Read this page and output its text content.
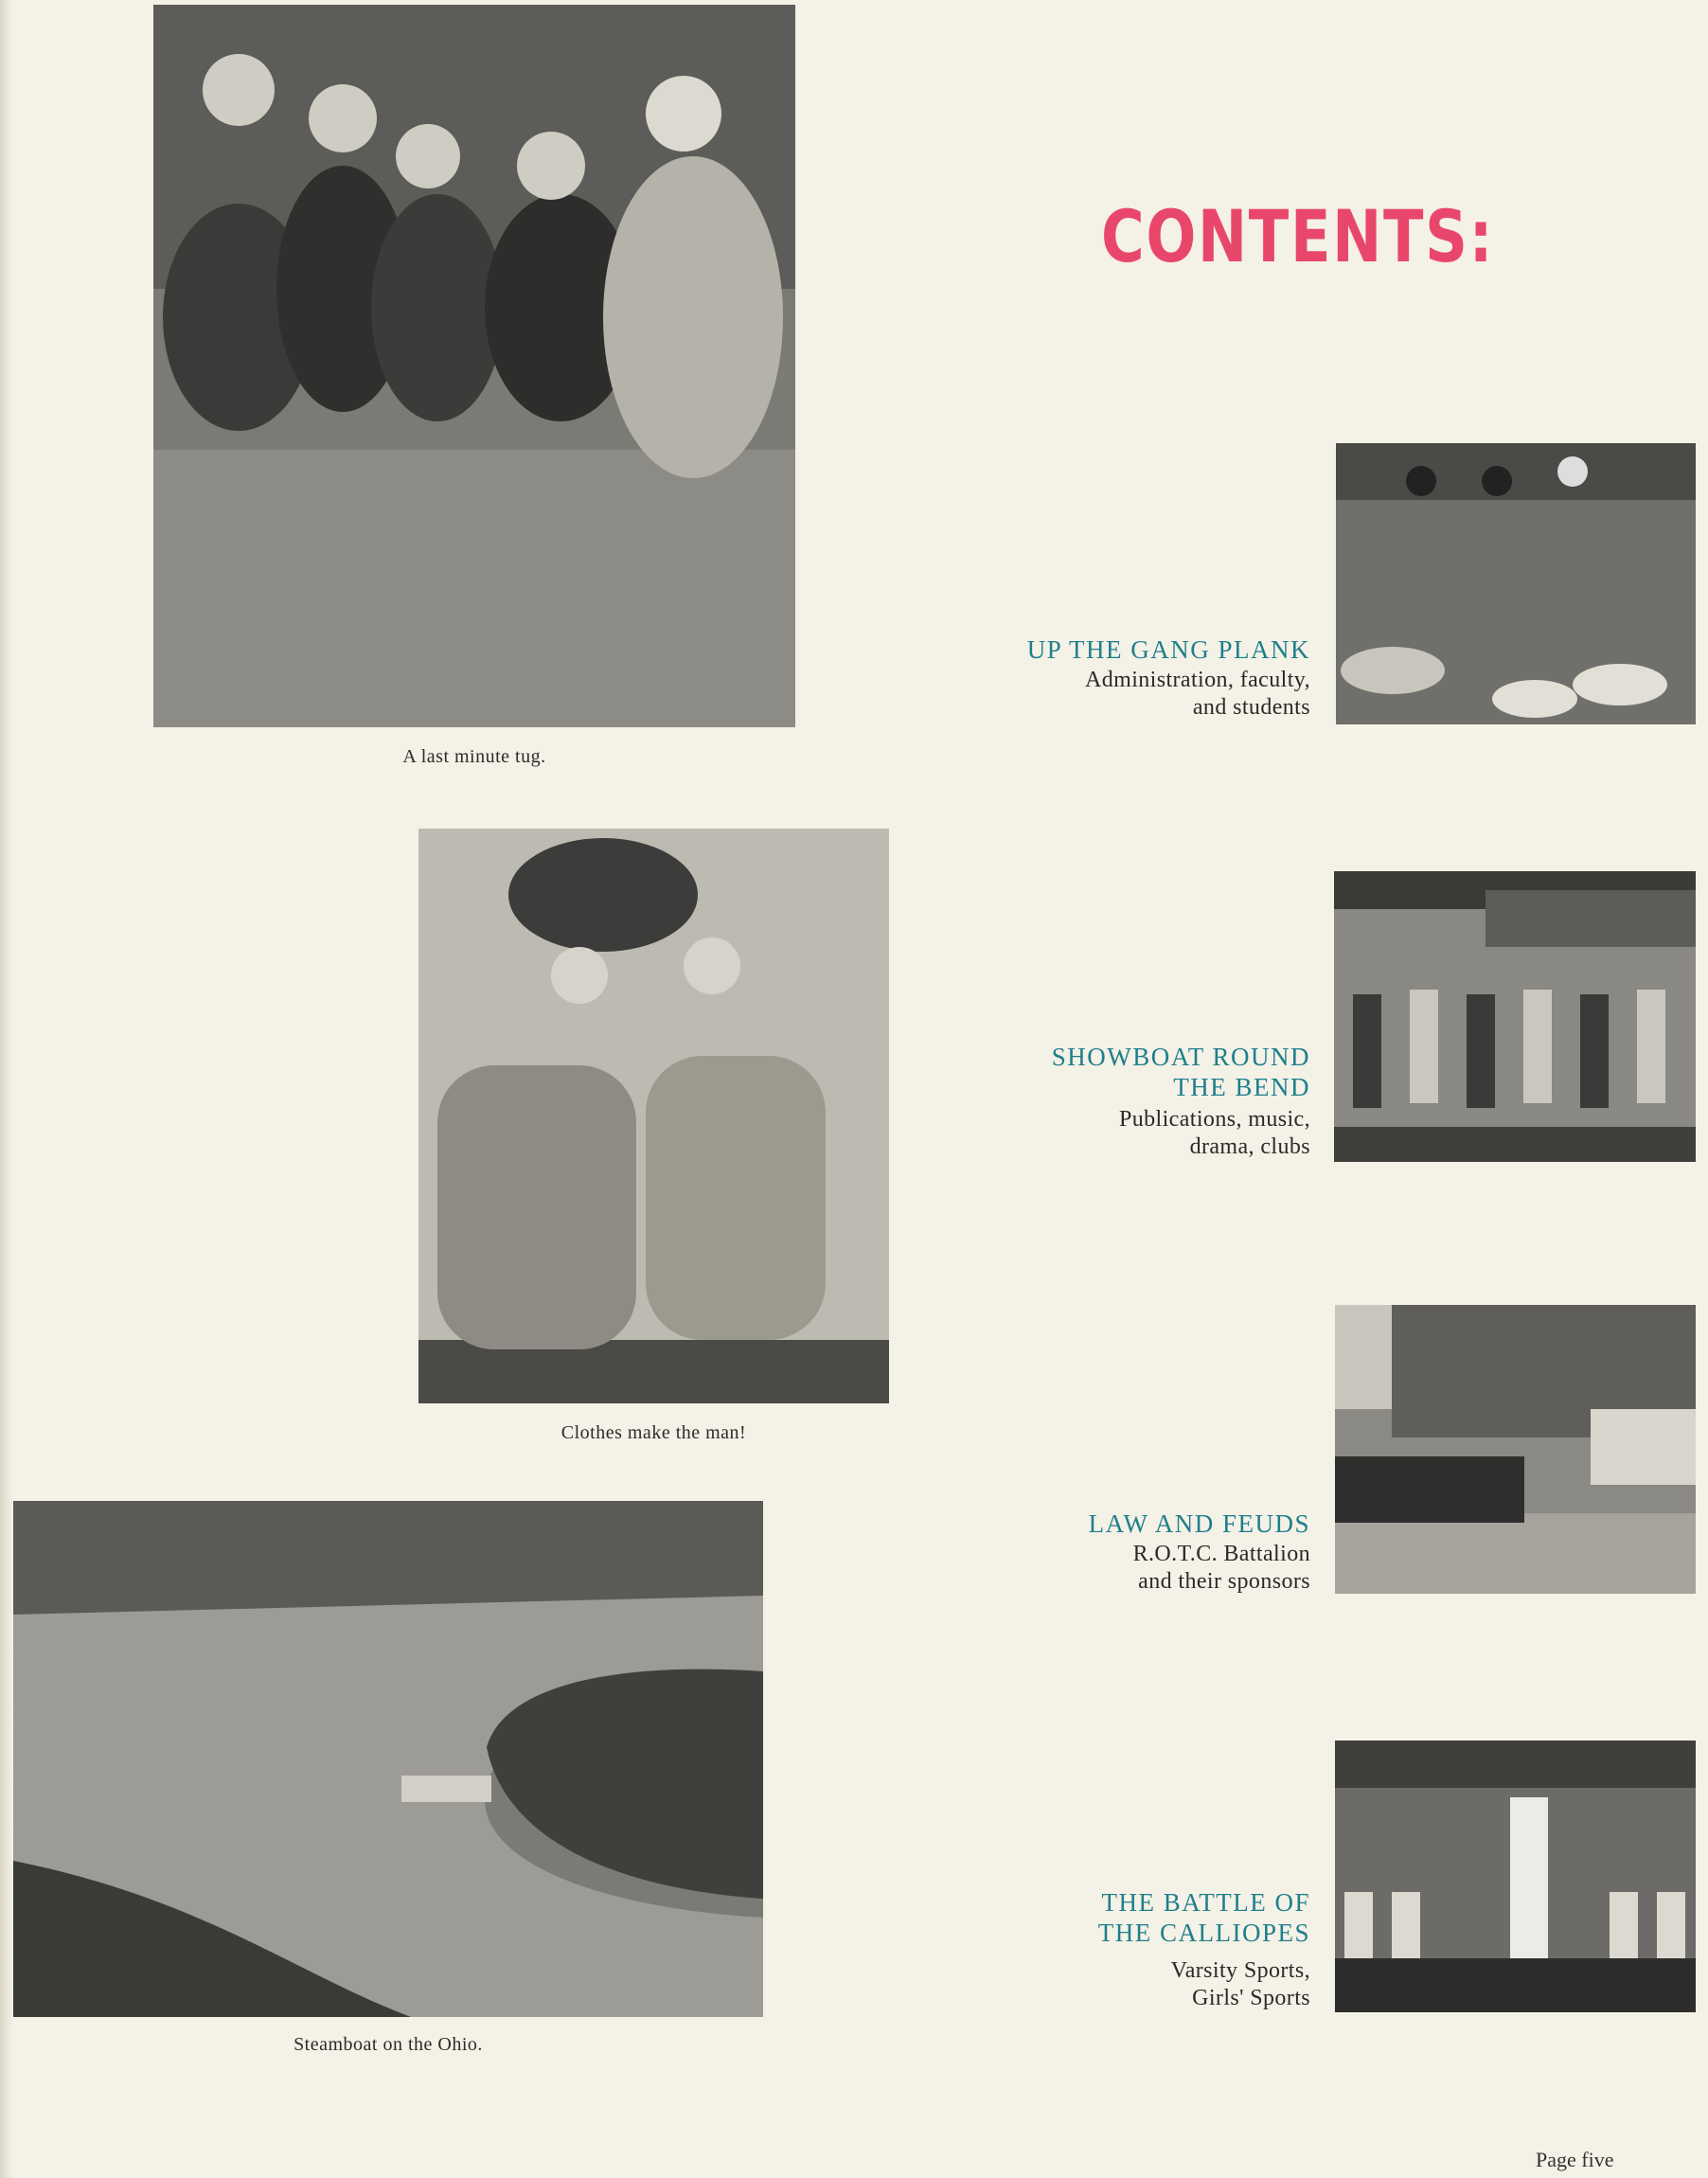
A last minute tug.
Clothes make the man!
Steamboat on the Ohio.
CONTENTS:
UP THE GANG PLANK
Administration, faculty,
and students
SHOWBOAT ROUND
THE BEND
Publications, music,
drama, clubs
LAW AND FEUDS
R.O.T.C. Battalion
and their sponsors
THE BATTLE OF
THE CALLIOPES
Varsity Sports,
Girls' Sports
Page five
